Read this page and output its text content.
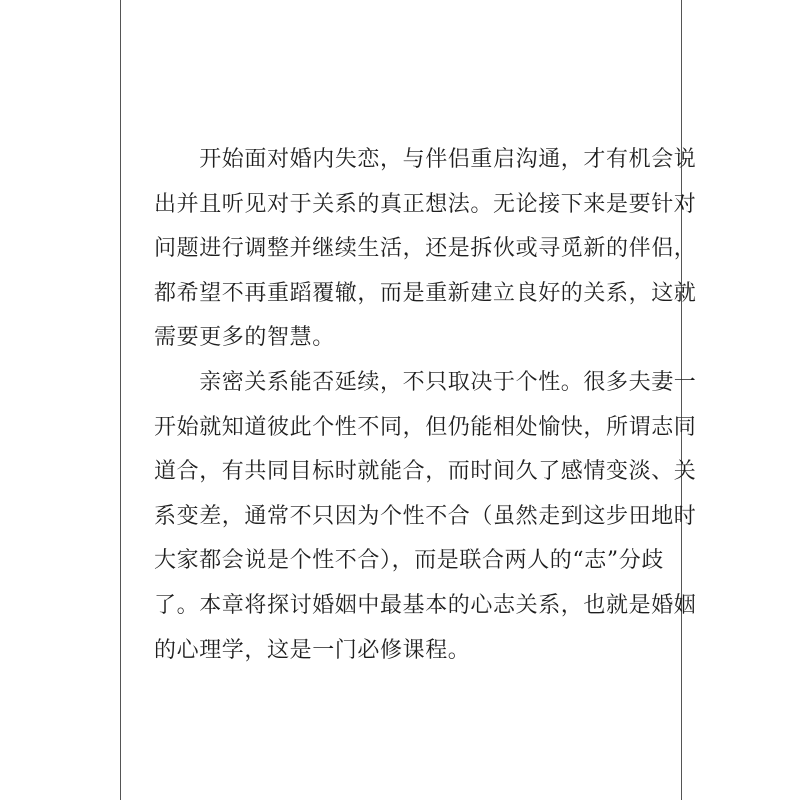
　　开始面对婚内失恋，与伴侣重启沟通，才有机会说
出并且听见对于关系的真正想法。无论接下来是要针对
问题进行调整并继续生活，还是拆伙或寻觅新的伴侣，
都希望不再重蹈覆辙，而是重新建立良好的关系，这就
需要更多的智慧。
　　亲密关系能否延续，不只取决于个性。很多夫妻一
开始就知道彼此个性不同，但仍能相处愉快，所谓志同
道合，有共同目标时就能合，而时间久了感情变淡、关
系变差，通常不只因为个性不合（虽然走到这步田地时
大家都会说是个性不合），而是联合两人的“志”分歧
了。本章将探讨婚姻中最基本的心志关系，也就是婚姻
的心理学，这是一门必修课程。
